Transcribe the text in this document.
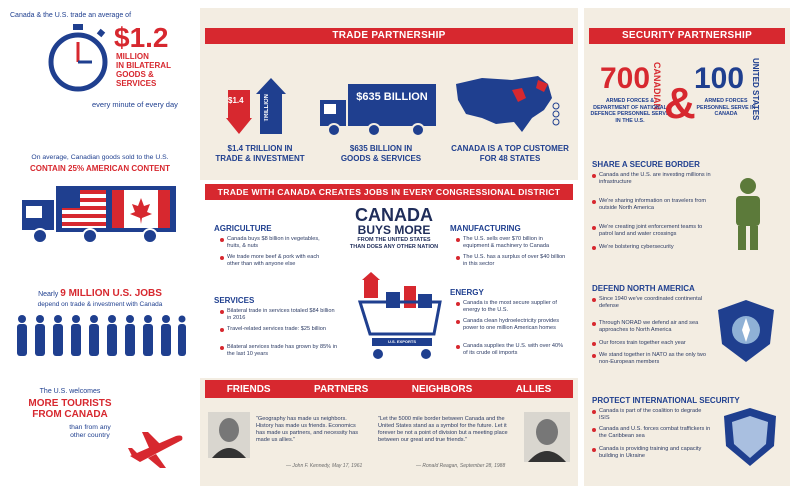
Canada & the U.S. trade an average of
$1.2
MILLION
IN BILATERAL
GOODS &
SERVICES
every minute of every day
On average, Canadian goods sold to the U.S.
CONTAIN 25% AMERICAN CONTENT
Nearly 9 MILLION U.S. JOBS
depend on trade & investment with Canada
The U.S. welcomes
MORE TOURISTS
FROM CANADA
than from any
other country
TRADE PARTNERSHIP
$1.4	TRILLION
$1.4 TRILLION IN
TRADE & INVESTMENT
$635 BILLION
$635 BILLION IN
GOODS & SERVICES
CANADA IS A TOP CUSTOMER
FOR 48 STATES
TRADE WITH CANADA CREATES JOBS IN EVERY CONGRESSIONAL DISTRICT
AGRICULTURE
Canada buys $8 billion in vegetables, fruits, & nuts
We trade more beef & pork with each other than with anyone else
SERVICES
Bilateral trade in services totaled $84 billion in 2016
Travel-related services trade: $25 billion
Bilateral services trade has grown by 85% in the last 10 years
CANADA
BUYS MORE
FROM THE UNITED STATES
THAN DOES ANY OTHER NATION
U.S. EXPORTS
MANUFACTURING
The U.S. sells over $70 billion in equipment & machinery to Canada
The U.S. has a surplus of over $40 billion in this sector
ENERGY
Canada is the most secure supplier of energy to the U.S.
Canada clean hydroelectricity provides power to one million American homes
Canada supplies the U.S. with over 40% of its crude oil imports
FRIENDS	PARTNERS	NEIGHBORS	ALLIES
“Geography has made us neighbors. History has made us friends. Economics has made us partners, and necessity has made us allies.”
— John F. Kennedy, May 17, 1961
“Let the 5000 mile border between Canada and the United States stand as a symbol for the future. Let it forever be not a point of division but a meeting place between our great and true friends.”
— Ronald Reagan, September 28, 1988
SECURITY PARTNERSHIP
700 CANADIAN
ARMED FORCES & DEPARTMENT OF NATIONAL DEFENCE PERSONNEL SERVE IN THE U.S. &
100 UNITED STATES
ARMED FORCES PERSONNEL SERVE IN CANADA
SHARE A SECURE BORDER
Canada and the U.S. are investing millions in infrastructure
We're sharing information on travelers from outside North America
We're creating joint enforcement teams to patrol land and water crossings
We're bolstering cybersecurity
DEFEND NORTH AMERICA
Since 1940 we've coordinated continental defense
Through NORAD we defend air and sea approaches to North America
Our forces train together each year
We stand together in NATO as the only two non-European members
PROTECT INTERNATIONAL SECURITY
Canada is part of the coalition to degrade ISIS
Canada and U.S. forces combat traffickers in the Caribbean sea
Canada is providing training and capacity building in Ukraine
